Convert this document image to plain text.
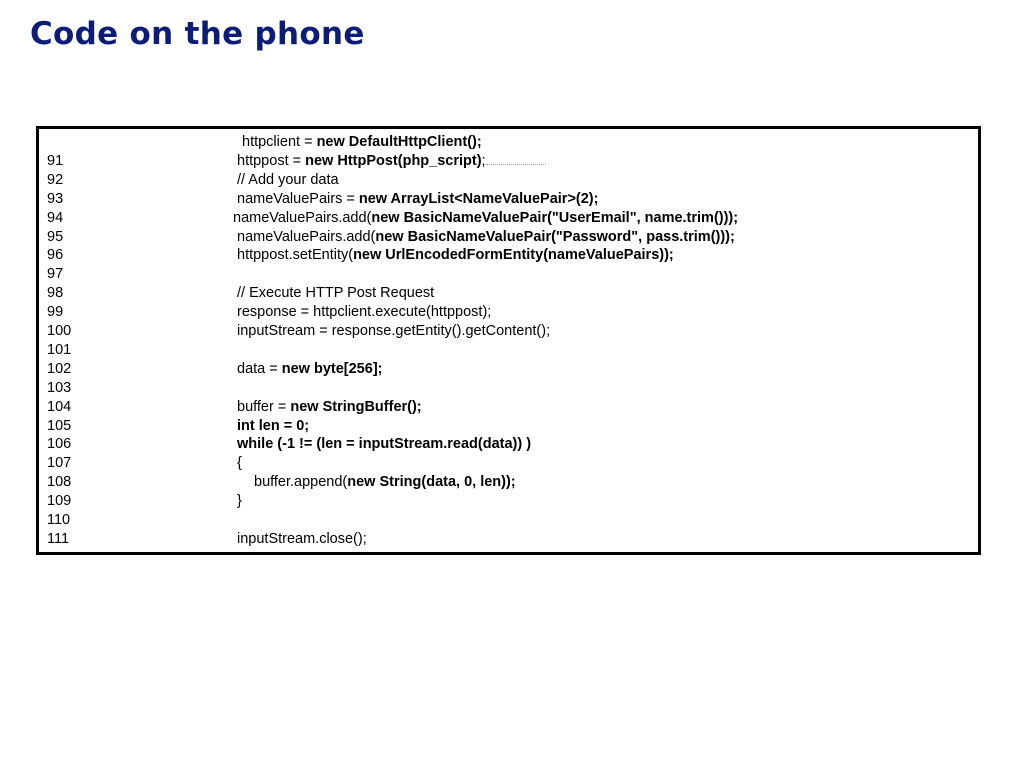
Code on the phone
httpclient = new DefaultHttpClient();
91	httppost = new HttpPost(php_script);
92	// Add your data
93	nameValuePairs = new ArrayList<NameValuePair>(2);
94	nameValuePairs.add(new BasicNameValuePair("UserEmail", name.trim()));
95	nameValuePairs.add(new BasicNameValuePair("Password", pass.trim()));
96	httppost.setEntity(new UrlEncodedFormEntity(nameValuePairs));
97
98	// Execute HTTP Post Request
99	response = httpclient.execute(httppost);
100	inputStream = response.getEntity().getContent();
101
102	data = new byte[256];
103
104	buffer = new StringBuffer();
105	int len = 0;
106	while (-1 != (len = inputStream.read(data)) )
107	{
108	buffer.append(new String(data, 0, len));
109	}
110
111	inputStream.close();
